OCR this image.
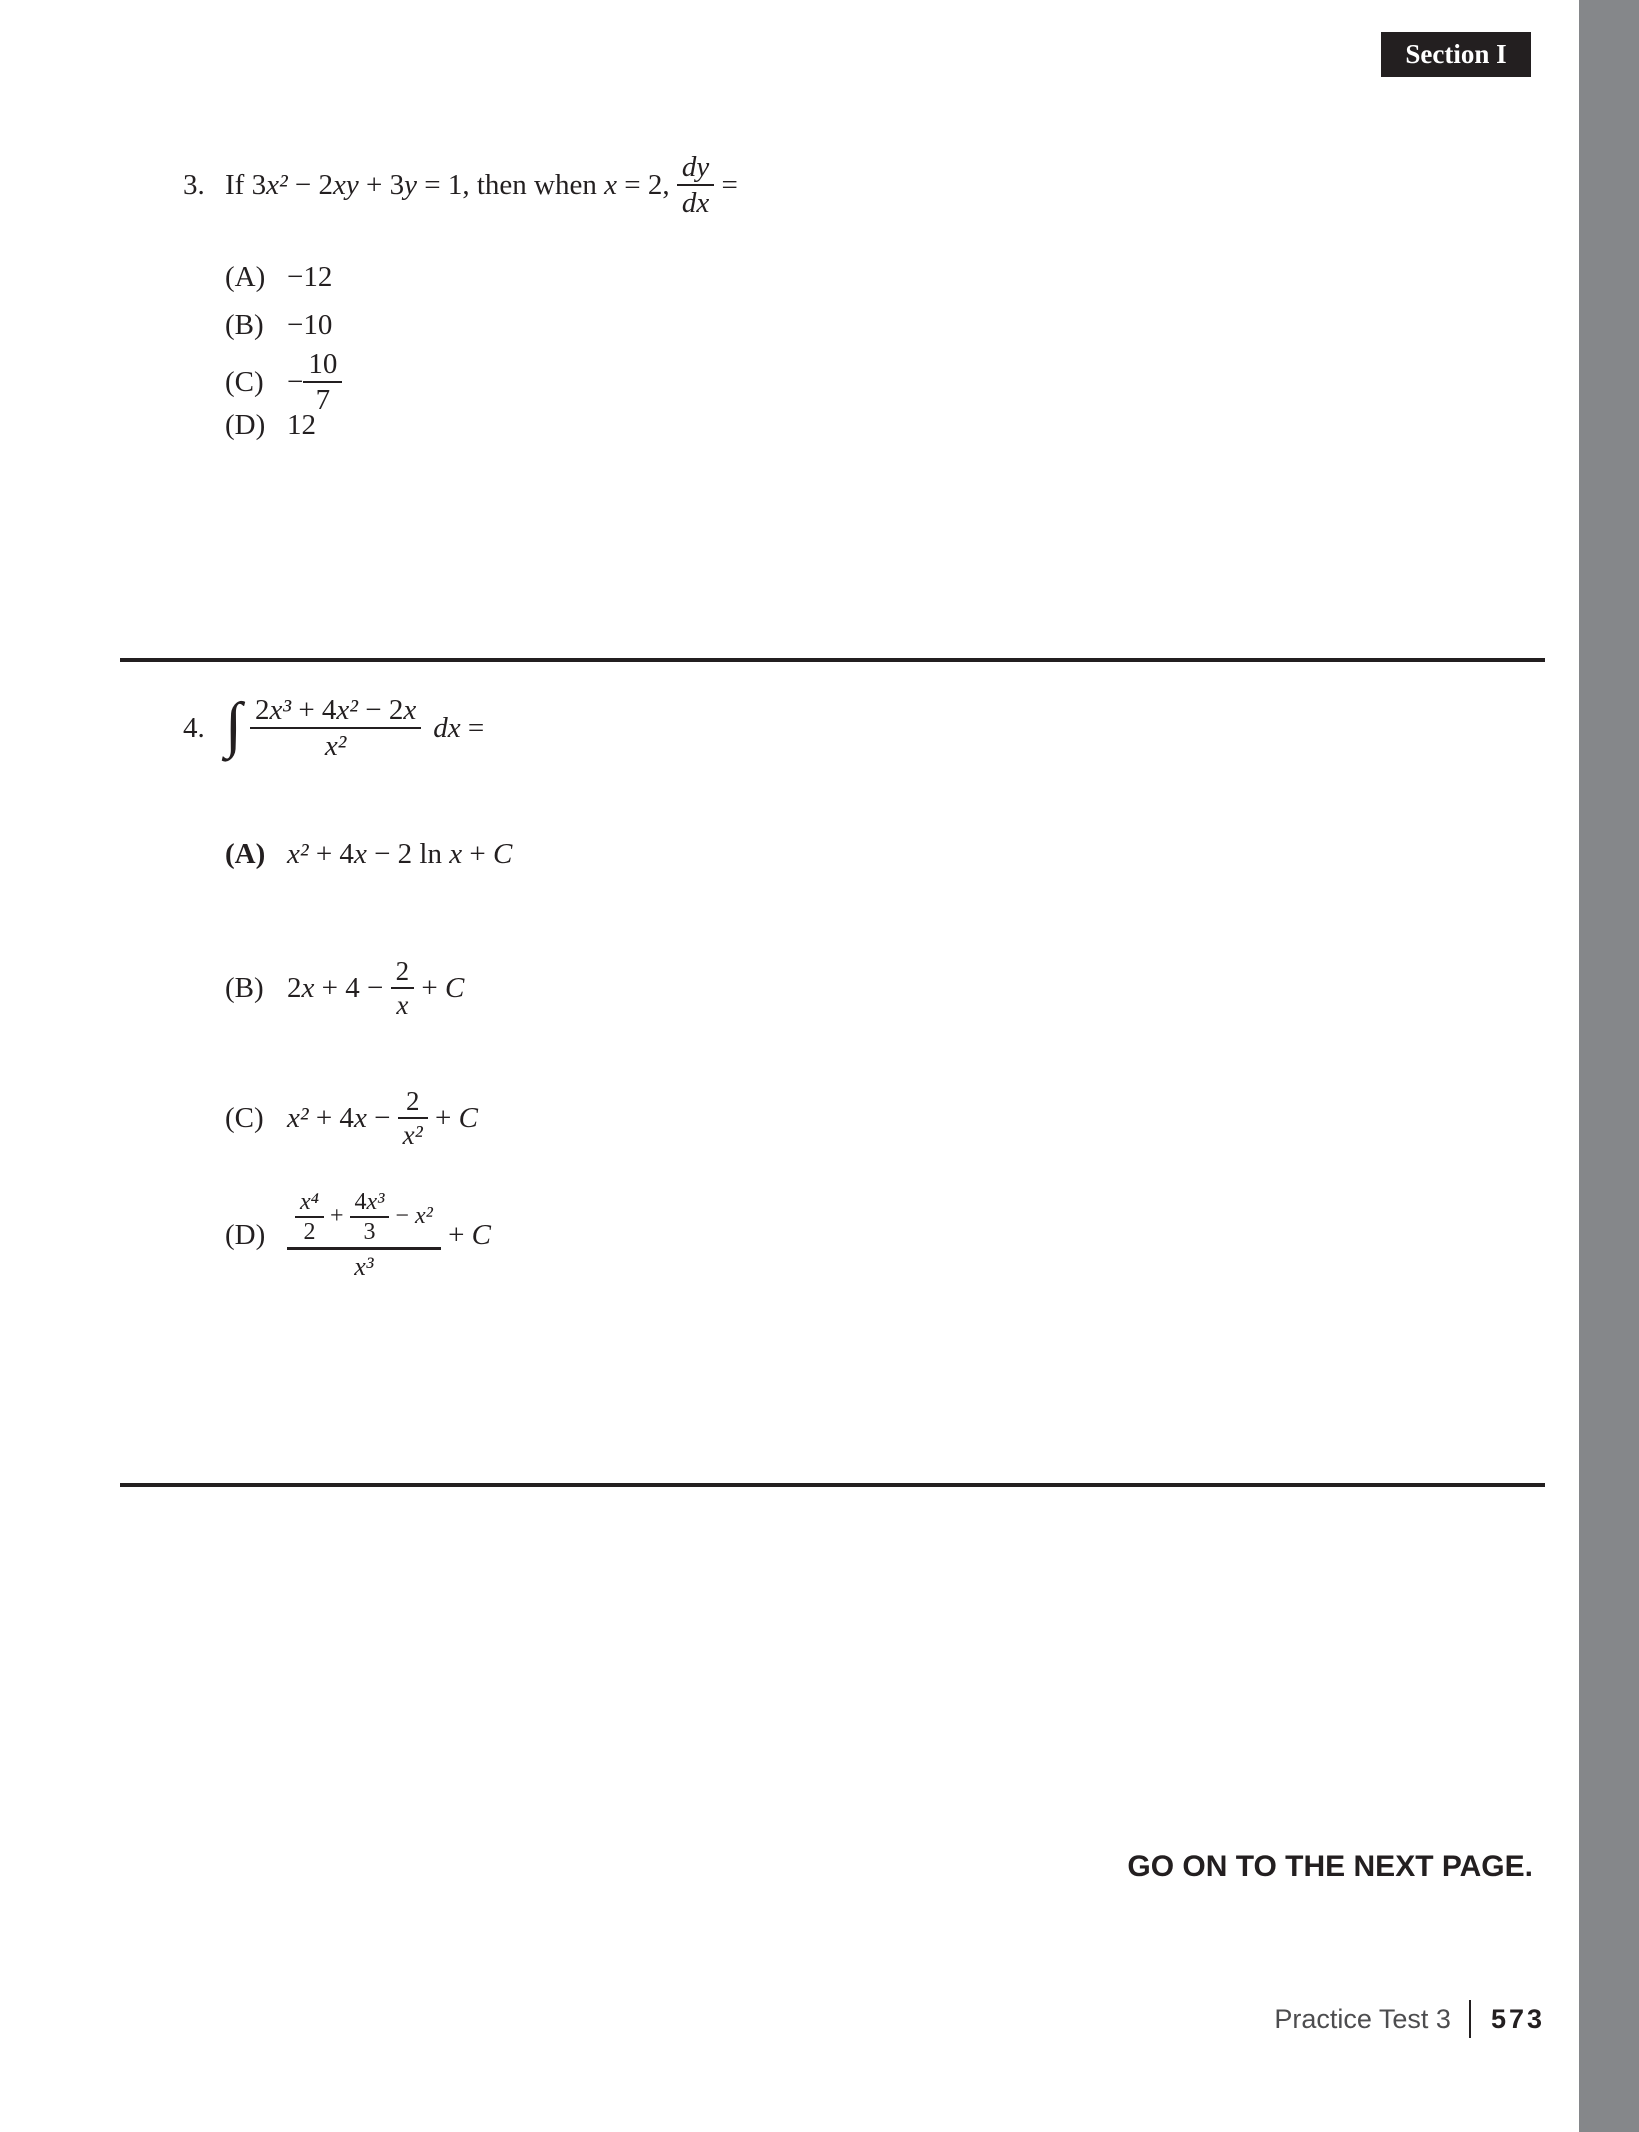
Section I
3. If 3 x² − 2 xy + 3 y = 1, then when x = 2, $\frac{dy}{dx}$ =
(A) −12
(B) −10
$(C) - \frac{10}{7}$
(D) 12
4. ∫ $\frac{\text{2 x³ + 4 x² − 2 x}}{\text{x²}}$ dx =
(A) x² + 4 x − 2 ln x + C
(B) 2 $x + 4 - \frac{2}{x} + C$
(C) x² + 4 $x - \frac{2}{\text{x²}} + C$
(D)	$\frac{\text{x⁴}}{2} + \frac{\text{4 x³}}{3} - x^2$
x³
+ C
GO ON TO THE NEXT PAGE.
Practice Test 3 573
